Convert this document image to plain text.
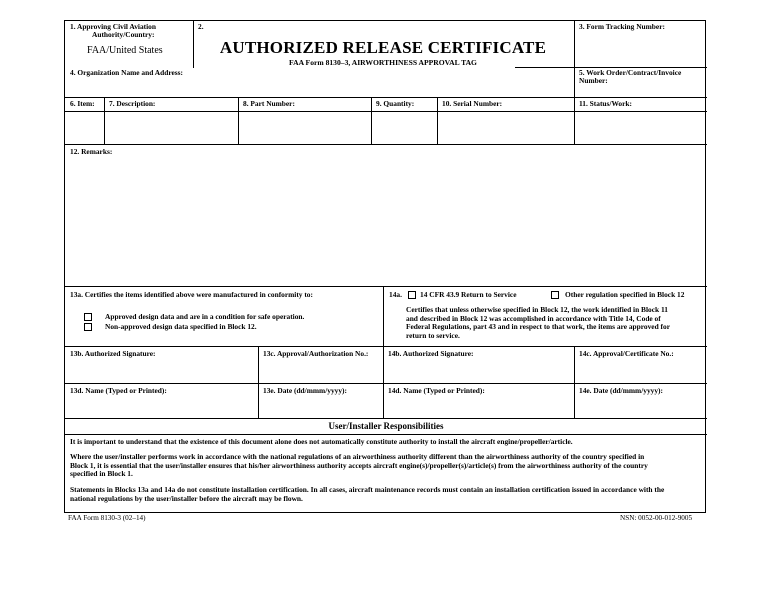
1. Approving Civil Aviation
Authority/Country:
FAA/United States
2.
AUTHORIZED RELEASE CERTIFICATE
FAA Form 8130–3, AIRWORTHINESS APPROVAL TAG
3. Form Tracking Number:
4. Organization Name and Address:	5. Work Order/Contract/Invoice
Number:
6. Item: 7. Description:	8. Part Number:	9. Quantity:	10. Serial Number:	11. Status/Work:
12. Remarks:
13a. Certifies the items identified above were manufactured in conformity to:
Approved design data and are in a condition for safe operation.
Non-approved design data specified in Block 12.
14a. 14 CFR 43.9 Return to Service	Other regulation specified in Block 12
Certifies that unless otherwise specified in Block 12, the work identified in Block 11
and described in Block 12 was accomplished in accordance with Title 14, Code of
Federal Regulations, part 43 and in respect to that work, the items are approved for
return to service.
13b. Authorized Signature:	13c. Approval/Authorization No.:	14b. Authorized Signature:	14c. Approval/Certificate No.:
13d. Name (Typed or Printed):	13e. Date (dd/mmm/yyyy):	14d. Name (Typed or Printed):	14e. Date (dd/mmm/yyyy):
User/Installer Responsibilities
It is important to understand that the existence of this document alone does not automatically constitute authority to install the aircraft engine/propeller/article.
Where the user/installer performs work in accordance with the national regulations of an airworthiness authority different than the airworthiness authority of the country specified in
Block 1, it is essential that the user/installer ensures that his/her airworthiness authority accepts aircraft engine(s)/propeller(s)/article(s) from the airworthiness authority of the country
specified in Block 1.
Statements in Blocks 13a and 14a do not constitute installation certification. In all cases, aircraft maintenance records must contain an installation certification issued in accordance with the
national regulations by the user/installer before the aircraft may be flown.
FAA Form 8130-3 (02–14)	NSN: 0052-00-012-9005
